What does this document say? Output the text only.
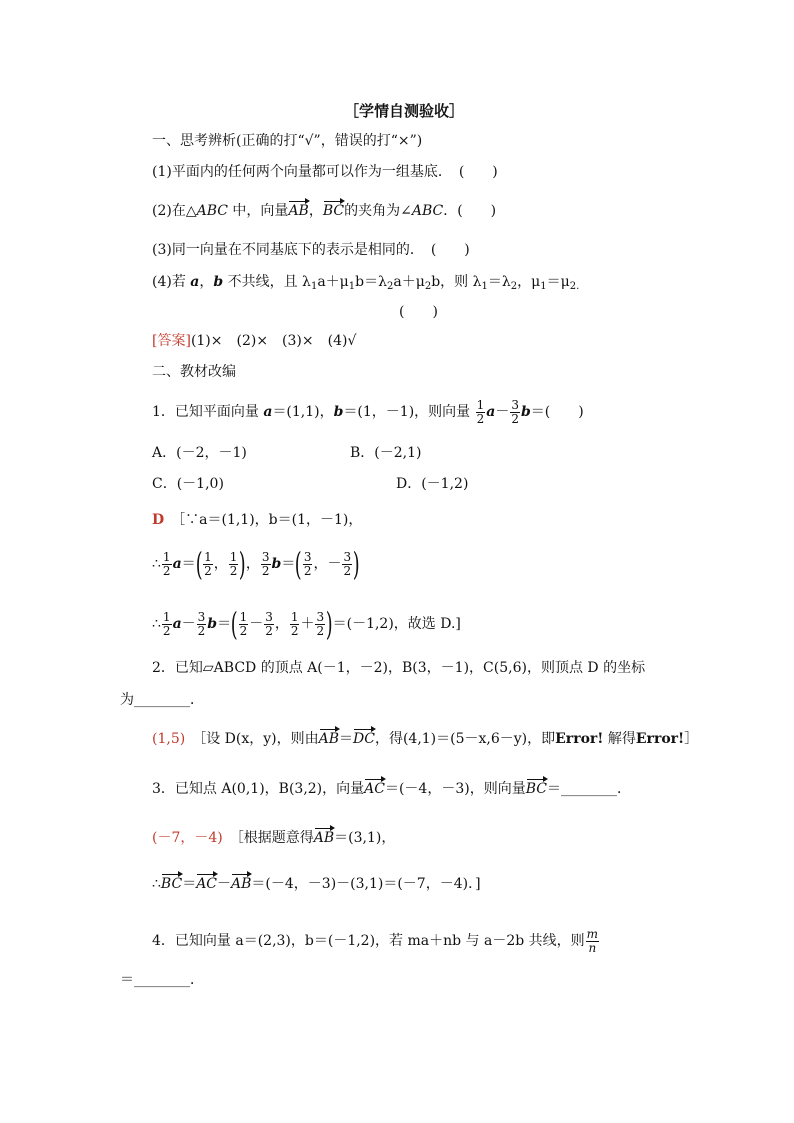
［学情自测验收］
一、思考辨析(正确的打“√”，错误的打“×”)
(1)平面内的任何两个向量都可以作为一组基底．　(　　)
(2)在△ABC 中，向量AB，BC的夹角为∠ABC．(　　)
(3)同一向量在不同基底下的表示是相同的．　(　　)
(4)若 a，b 不共线，且 $\lambda_1a+\mu_1b=\lambda_2a+\mu_2b$，则 $\lambda_1=\lambda_2$，$\mu_1=\mu_{2.}$
(　　)
[答案](1)×　(2)×　(3)×　(4)√
二、教材改编
1．已知平面向量 a＝(1,1)，b＝(1，－1)，则向量 $\frac{1}{2} a- \frac{3}{2} b=$(　　)
A．(－2，－1)	B．(－2,1)
C．(－1,0)	D．(－1,2)
D　 ［∵a＝(1,1)，b＝(1，－1)，
∴ $\frac{1}{2} a=( \frac{1}{2}$ ， $\frac{1}{2}$ )， $\frac{3}{2} b=( \frac{3}{2}$ ，－ $\frac{3}{2}$ )
∴ $\frac{1}{2} a- \frac{3}{2} b=( \frac{1}{2} - \frac{3}{2}$ ， $\frac{1}{2} + \frac{3}{2} )=(-1,2)$，故选 D.]
2．已知▱ABCD 的顶点 A(－1，－2)，B(3，－1)，C(5,6)，则顶点 D 的坐标
为________．
(1,5)　 ［设 D(x，y)，则由AB＝DC，得(4,1)＝(5－x,6－y)，即Error! 解得Error!］
3．已知点 A(0,1)，B(3,2)，向量AC＝(－4，－3)，则向量BC＝________．
(－7，－4)　 ［根据题意得AB＝(3,1)，
∴BC＝AC－AB＝(－4，－3)－(3,1)＝(－7，－4)．]
4．已知向量 a＝(2,3)，b＝(－1,2)，若 ma＋nb 与 a－2b 共线，则 $\frac{m}{n}$
＝________．
